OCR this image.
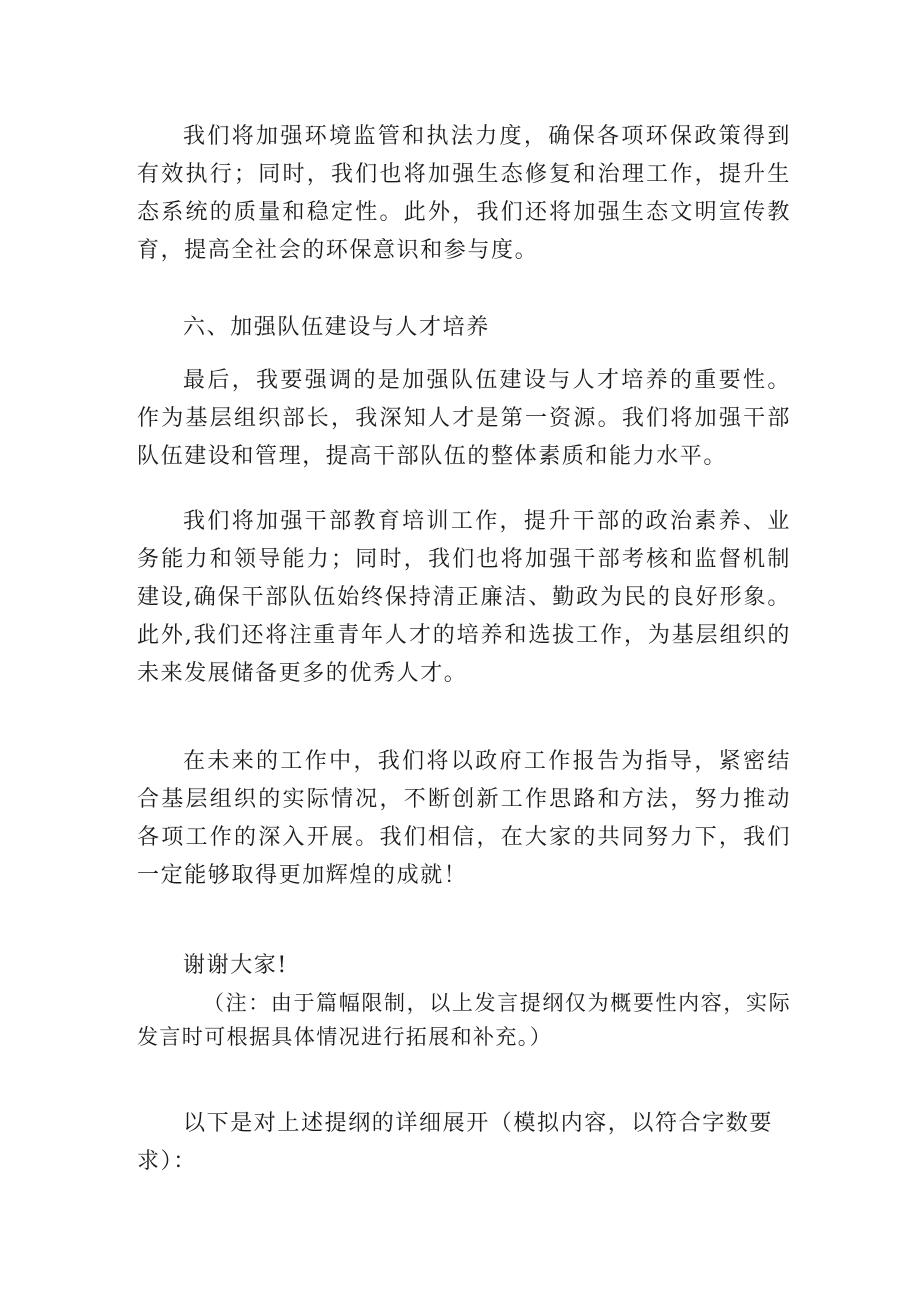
我们将加强环境监管和执法力度，确保各项环保政策得到有效执行；同时，我们也将加强生态修复和治理工作，提升生态系统的质量和稳定性。此外，我们还将加强生态文明宣传教育，提高全社会的环保意识和参与度。

六、加强队伍建设与人才培养

最后，我要强调的是加强队伍建设与人才培养的重要性。作为基层组织部长，我深知人才是第一资源。我们将加强干部队伍建设和管理，提高干部队伍的整体素质和能力水平。

我们将加强干部教育培训工作，提升干部的政治素养、业务能力和领导能力；同时，我们也将加强干部考核和监督机制建设,确保干部队伍始终保持清正廉洁、勤政为民的良好形象。此外,我们还将注重青年人才的培养和选拔工作，为基层组织的未来发展储备更多的优秀人才。

在未来的工作中，我们将以政府工作报告为指导，紧密结合基层组织的实际情况，不断创新工作思路和方法，努力推动各项工作的深入开展。我们相信，在大家的共同努力下，我们一定能够取得更加辉煌的成就！

谢谢大家!

（注：由于篇幅限制，以上发言提纲仅为概要性内容，实际发言时可根据具体情况进行拓展和补充。）

以下是对上述提纲的详细展开（模拟内容，以符合字数要求）：
